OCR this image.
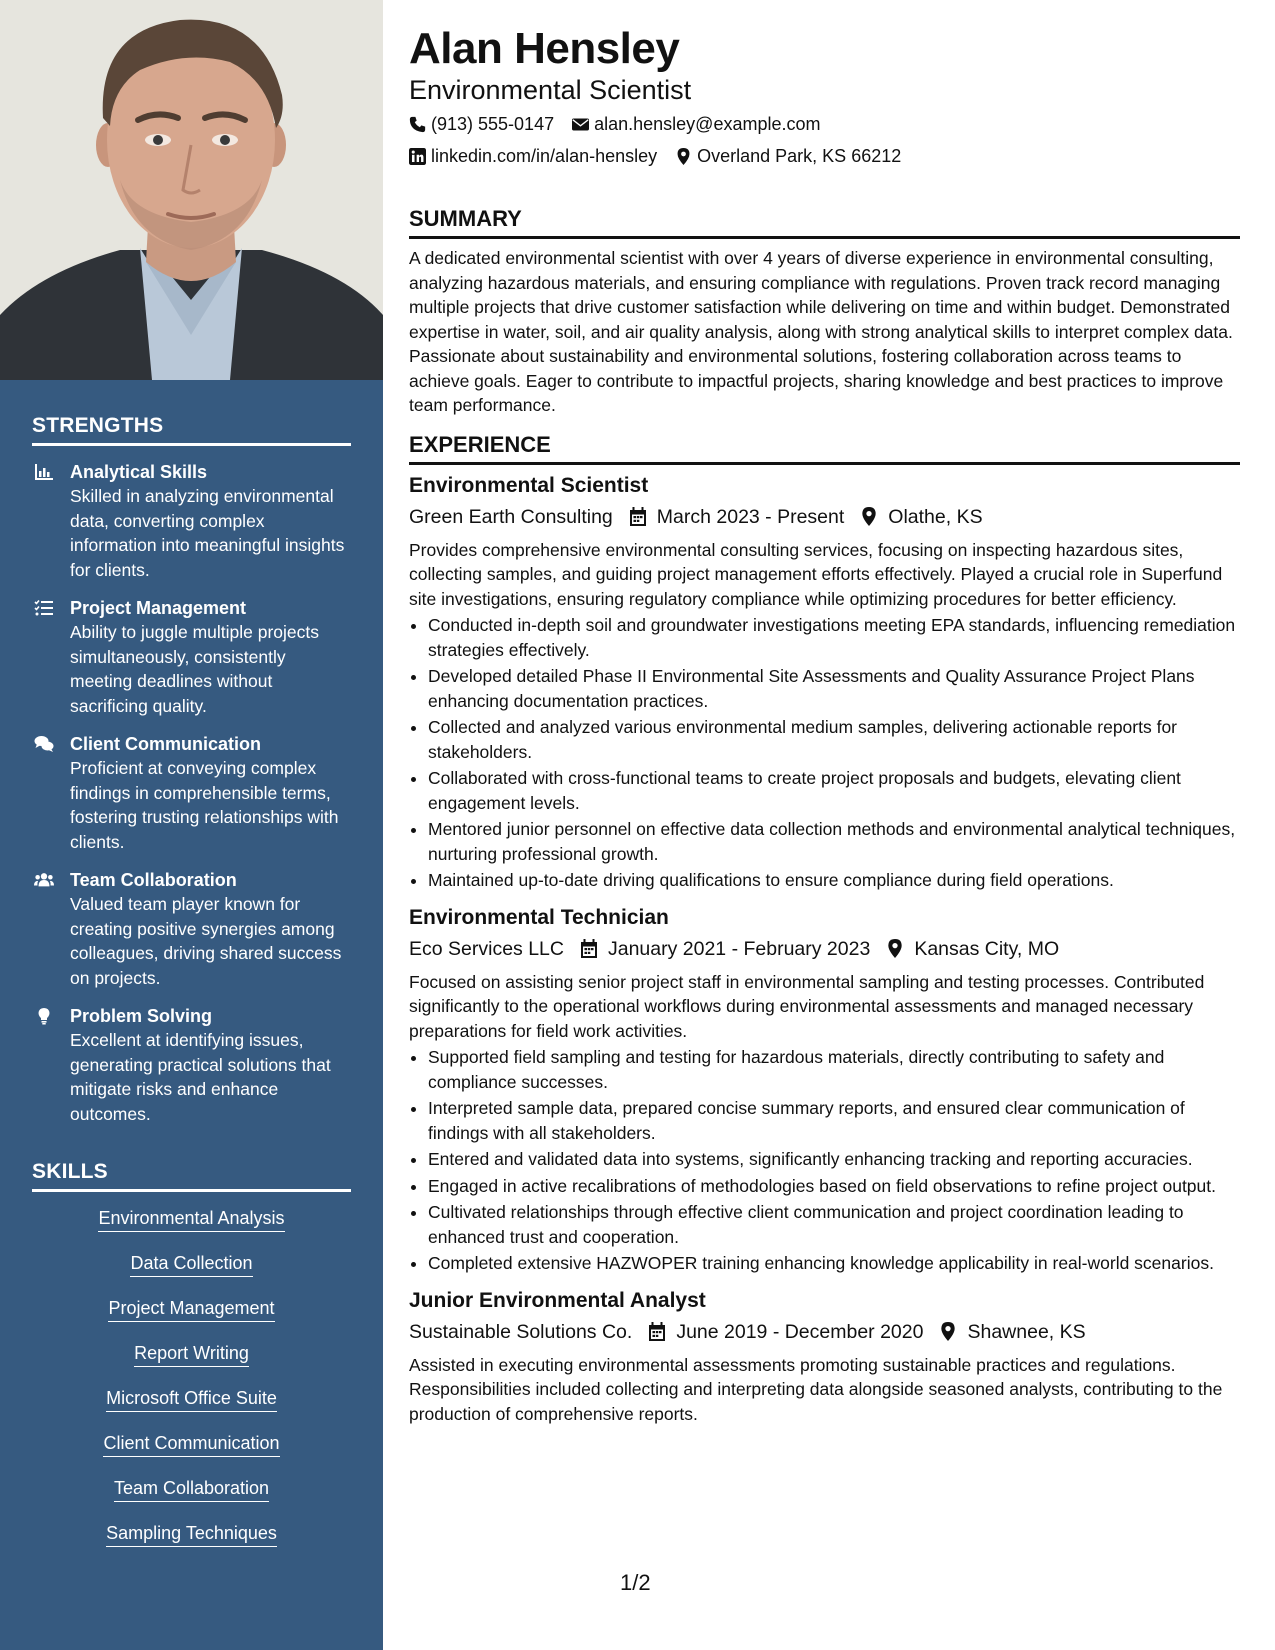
STRENGTHS
Analytical Skills
Skilled in analyzing environmental data, converting complex information into meaningful insights for clients.
Project Management
Ability to juggle multiple projects simultaneously, consistently meeting deadlines without sacrificing quality.
Client Communication
Proficient at conveying complex findings in comprehensible terms, fostering trusting relationships with clients.
Team Collaboration
Valued team player known for creating positive synergies among colleagues, driving shared success on projects.
Problem Solving
Excellent at identifying issues, generating practical solutions that mitigate risks and enhance outcomes.
SKILLS
Environmental Analysis
Data Collection
Project Management
Report Writing
Microsoft Office Suite
Client Communication
Team Collaboration
Sampling Techniques
Alan Hensley
Environmental Scientist
(913) 555-0147 alan.hensley@example.com
linkedin.com/in/alan-hensley Overland Park, KS 66212
SUMMARY
A dedicated environmental scientist with over 4 years of diverse experience in environmental consulting, analyzing hazardous materials, and ensuring compliance with regulations. Proven track record managing multiple projects that drive customer satisfaction while delivering on time and within budget. Demonstrated expertise in water, soil, and air quality analysis, along with strong analytical skills to interpret complex data. Passionate about sustainability and environmental solutions, fostering collaboration across teams to achieve goals. Eager to contribute to impactful projects, sharing knowledge and best practices to improve team performance.
EXPERIENCE
Environmental Scientist
Green Earth Consulting March 2023 - Present Olathe, KS
Provides comprehensive environmental consulting services, focusing on inspecting hazardous sites, collecting samples, and guiding project management efforts effectively. Played a crucial role in Superfund site investigations, ensuring regulatory compliance while optimizing procedures for better efficiency.
• Conducted in-depth soil and groundwater investigations meeting EPA standards, influencing remediation strategies effectively.
• Developed detailed Phase II Environmental Site Assessments and Quality Assurance Project Plans enhancing documentation practices.
• Collected and analyzed various environmental medium samples, delivering actionable reports for stakeholders.
• Collaborated with cross-functional teams to create project proposals and budgets, elevating client engagement levels.
• Mentored junior personnel on effective data collection methods and environmental analytical techniques, nurturing professional growth.
• Maintained up-to-date driving qualifications to ensure compliance during field operations.
Environmental Technician
Eco Services LLC January 2021 - February 2023 Kansas City, MO
Focused on assisting senior project staff in environmental sampling and testing processes. Contributed significantly to the operational workflows during environmental assessments and managed necessary preparations for field work activities.
• Supported field sampling and testing for hazardous materials, directly contributing to safety and compliance successes.
• Interpreted sample data, prepared concise summary reports, and ensured clear communication of findings with all stakeholders.
• Entered and validated data into systems, significantly enhancing tracking and reporting accuracies.
• Engaged in active recalibrations of methodologies based on field observations to refine project output.
• Cultivated relationships through effective client communication and project coordination leading to enhanced trust and cooperation.
• Completed extensive HAZWOPER training enhancing knowledge applicability in real-world scenarios.
Junior Environmental Analyst
Sustainable Solutions Co. June 2019 - December 2020 Shawnee, KS
Assisted in executing environmental assessments promoting sustainable practices and regulations. Responsibilities included collecting and interpreting data alongside seasoned analysts, contributing to the production of comprehensive reports.
1/2
